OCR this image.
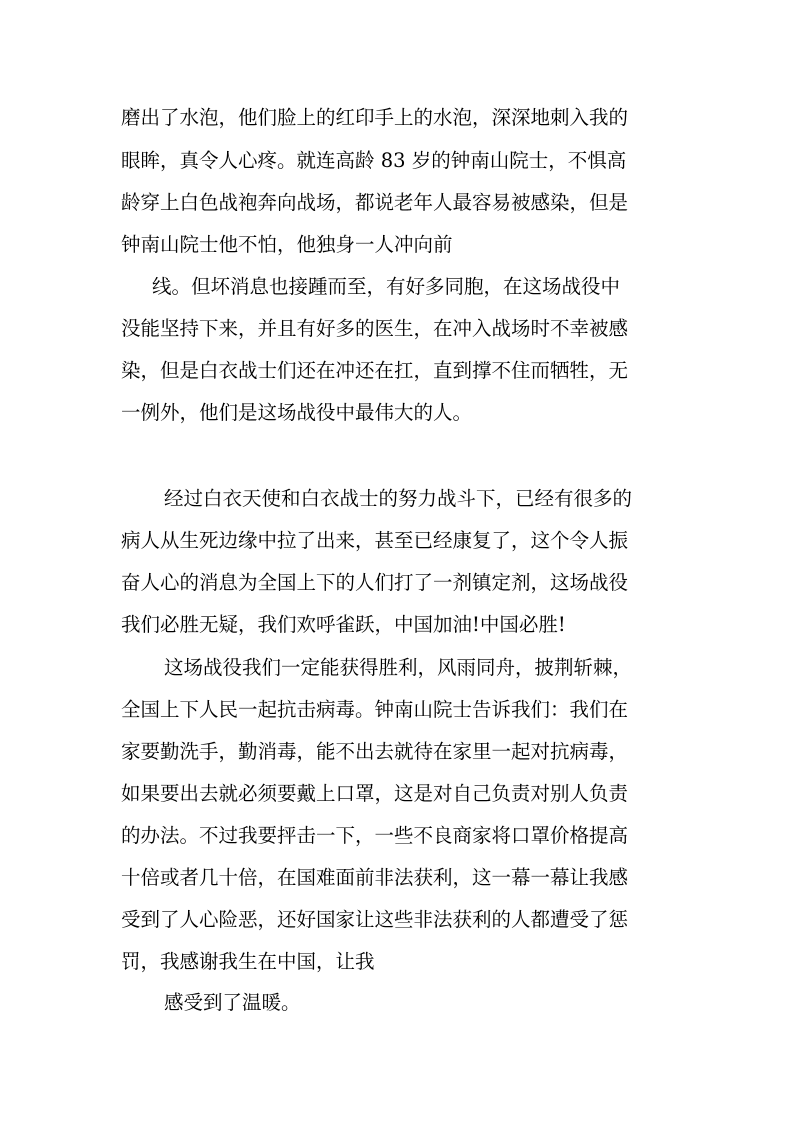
磨出了水泡，他们脸上的红印手上的水泡，深深地刺入我的
眼眸，真令人心疼。就连高龄 83 岁的钟南山院士，不惧高
龄穿上白色战袍奔向战场，都说老年人最容易被感染，但是
钟南山院士他不怕，他独身一人冲向前
线。但坏消息也接踵而至，有好多同胞，在这场战役中
没能坚持下来，并且有好多的医生，在冲入战场时不幸被感
染，但是白衣战士们还在冲还在扛，直到撑不住而牺牲，无
一例外，他们是这场战役中最伟大的人。
经过白衣天使和白衣战士的努力战斗下，已经有很多的
病人从生死边缘中拉了出来，甚至已经康复了，这个令人振
奋人心的消息为全国上下的人们打了一剂镇定剂，这场战役
我们必胜无疑，我们欢呼雀跃，中国加油!中国必胜!
这场战役我们一定能获得胜利，风雨同舟，披荆斩棘，
全国上下人民一起抗击病毒。钟南山院士告诉我们：我们在
家要勤洗手，勤消毒，能不出去就待在家里一起对抗病毒，
如果要出去就必须要戴上口罩，这是对自己负责对别人负责
的办法。不过我要抨击一下，一些不良商家将口罩价格提高
十倍或者几十倍，在国难面前非法获利，这一幕一幕让我感
受到了人心险恶，还好国家让这些非法获利的人都遭受了惩
罚，我感谢我生在中国，让我
感受到了温暖。
